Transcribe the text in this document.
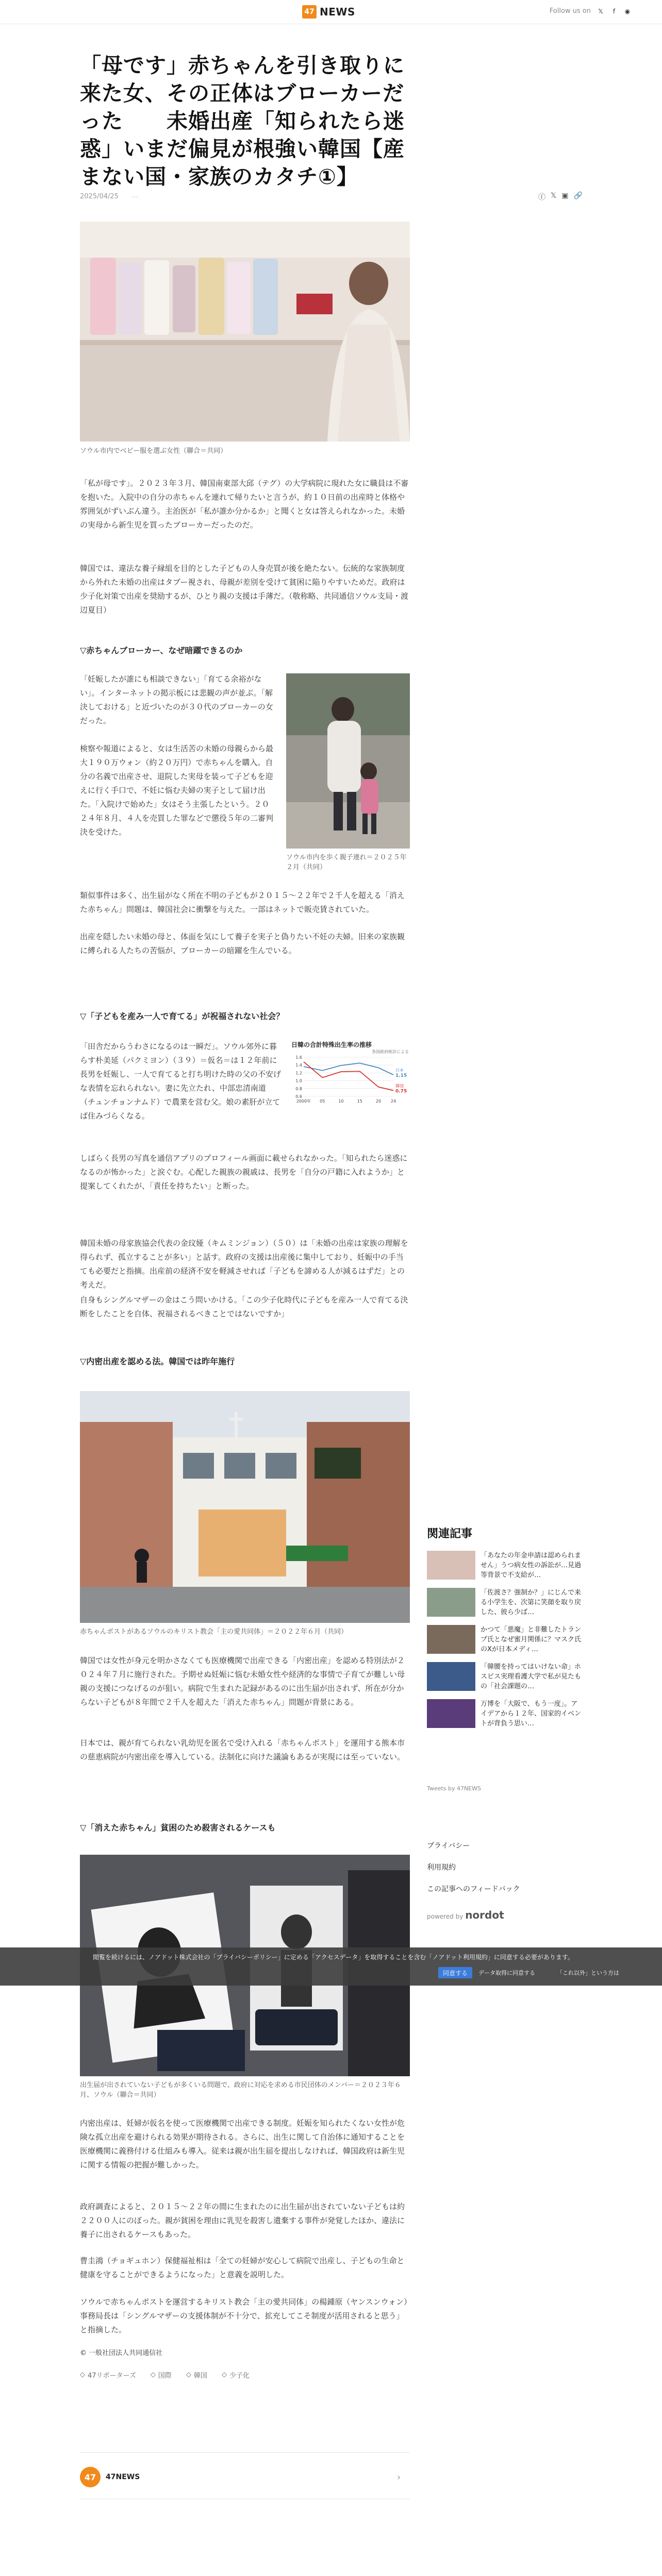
47 NEWS	Follow us on 𝕏	f	◉
「母です」赤ちゃんを引き取りに来た女、その正体はブローカーだった　　未婚出産「知られたら迷惑」いまだ偏見が根強い韓国【産まない国・家族のカタチ①】
2025/04/25 …	ⓕ 𝕏 ▣ 🔗
ソウル市内でベビー服を選ぶ女性（聯合＝共同）
「私が母です」。２０２３年３月、韓国南東部大邱（テグ）の大学病院に現れた女に職員は不審を抱いた。入院中の自分の赤ちゃんを連れて帰りたいと言うが、約１０日前の出産時と体格や雰囲気がずいぶん違う。主治医が「私が誰か分かるか」と聞くと女は答えられなかった。未婚の実母から新生児を買ったブローカーだったのだ。
韓国では、違法な養子縁組を目的とした子どもの人身売買が後を絶たない。伝統的な家族制度から外れた未婚の出産はタブー視され、母親が差別を受けて貧困に陥りやすいためだ。政府は少子化対策で出産を奨励するが、ひとり親の支援は手薄だ。（敬称略、共同通信ソウル支局・渡辺夏目）
▽赤ちゃんブローカー、なぜ暗躍できるのか
「妊娠したが誰にも相談できない」「育てる余裕がない」。インターネットの掲示板には悲観の声が並ぶ。「解決しておける」と近づいたのが３０代のブローカーの女だった。
検察や報道によると、女は生活苦の未婚の母親らから最大１９０万ウォン（約２０万円）で赤ちゃんを購入。自分の名義で出産させ、退院した実母を装って子どもを迎えに行く手口で、不妊に悩む夫婦の実子として届け出た。「入院けで始めた」女はそう主張したという。２０２４年８月、４人を売買した罪などで懲役５年の二審判決を受けた。
ソウル市内を歩く親子連れ＝２０２５年２月（共同）
類似事件は多く、出生届がなく所在不明の子どもが２０１５〜２２年で２千人を超える「消えた赤ちゃん」問題は、韓国社会に衝撃を与えた。一部はネットで販売賃されていた。
出産を隠したい未婚の母と、体面を気にして養子を実子と偽りたい不妊の夫婦。旧来の家族観に縛られる人たちの苦悩が、ブローカーの暗躍を生んでいる。
▽「子どもを産み一人で育てる」が祝福されない社会？
「田舎だからうわさになるのは一瞬だ」。ソウル郊外に暮らす朴美延（パクミヨン）（３９）＝仮名＝は１２年前に長男を妊娠し、一人で育てると打ち明けた時の父の不安げな表情を忘れられない。妻に先立たれ、中部忠清南道（チュンチョンナムド）で農業を営む父。娘の素肝が立てば住みづらくなる。
日韓の合計特殊出生率の推移
各国政府統計による
1.6
1.4
1.2
1.0
0.8
0.6
2000年 05	10	15	20 24
日本
1.15
韓国
0.75
しばらく長男の写真を通信アプリのプロフィール画面に載せられなかった。「知られたら迷惑になるのが怖かった」と涙ぐむ。心配した親族の親戚は、長男を「自分の戸籍に入れようか」と提案してくれたが、「責任を持ちたい」と断った。
韓国未婚の母家族協会代表の金玟娅（キムミンジョン）（５０）は「未婚の出産は家族の理解を得られず、孤立することが多い」と話す。政府の支援は出産後に集中しており、妊娠中の手当ても必要だと指摘。出産前の経済不安を軽減させれば「子どもを諦める人が減るはずだ」との考えだ。
自身もシングルマザーの金はこう問いかける。「この少子化時代に子どもを産み一人で育てる決断をしたことを自体、祝福されるべきことではないですか」
▽内密出産を認める法。韓国では昨年施行
赤ちゃんポストがあるソウルのキリスト教会「主の愛共同体」＝２０２２年６月（共同）
韓国では女性が身元を明かさなくても医療機関で出産できる「内密出産」を認める特別法が２０２４年７月に施行された。予期せぬ妊娠に悩む未婚女性や経済的な事情で子育てが難しい母親の支援につなげるのが狙い。病院で生まれた記録があるのに出生届が出されず、所在が分からない子どもが８年間で２千人を超えた「消えた赤ちゃん」問題が背景にある。
日本では、親が育てられない乳幼児を匿名で受け入れる「赤ちゃんポスト」を運用する熊本市の慈恵病院が内密出産を導入している。法制化に向けた議論もあるが実現には至っていない。
▽「消えた赤ちゃん」貧困のため殺害されるケースも
出生届が出されていない子どもが多くいる問題で、政府に対応を求める市民団体のメンバー＝２０２３年６月、ソウル（聯合＝共同）
内密出産は、妊婦が仮名を使って医療機関で出産できる制度。妊娠を知られたくない女性が危険な孤立出産を避けられる効果が期待される。さらに、出生に関して自治体に通知することを医療機関に義務付ける仕組みも導入。従来は親が出生届を提出しなければ、韓国政府は新生児に関する情報の把握が難しかった。
政府調査によると、２０１５〜２２年の間に生まれたのに出生届が出されていない子どもは約２２００人にのぼった。親が貧困を理由に乳児を殺害し遺棄する事件が発覚したほか、違法に養子に出されるケースもあった。
曹圭鴻（チョギュホン）保健福祉相は「全ての妊婦が安心して病院で出産し、子どもの生命と健康を守ることができるようになった」と意義を説明した。
ソウルで赤ちゃんポストを運営するキリスト教会「主の愛共同体」の楊鍾原（ヤンスンウォン）事務局長は「シングルマザーの支援体制が不十分で、拡充してこそ制度が活用されると思う」と指摘した。
© 一般社団法人共同通信社
◇ 47リポーターズ ◇ 国際 ◇ 韓国 ◇ 少子化
47	47NEWS	›
関連記事
「あなたの年金申請は認められません」うつ病女性の訴訟が…見過等背景で不支給が…
「佐渡さ？強制か？」にじんで来る小学生を、次第に笑顔を取り戻した、彼ら少ば…
かつて「悪魔」と非難したトランプ氏となぜ蜜月関係に？マスク氏のXが日本メディ…
「韓腰を持ってはいけない命」ホスピス実理看護大学で私が見たもの「社会課題の…
万博を「大阪で、もう一度」。アイデアから１２年、国家的イベントが背負う思い…
Tweets by 47NEWS
プライバシー
利用規約
この記事へのフィードバック
powered by nordot
閲覧を続けるには、ノアドット株式会社の「プライバシーポリシー」に定める「アクセスデータ」を取得することを含む「ノアドット利用規約」に同意する必要があります。
同意する	データ取得に同意する	「これ以外」という方は
